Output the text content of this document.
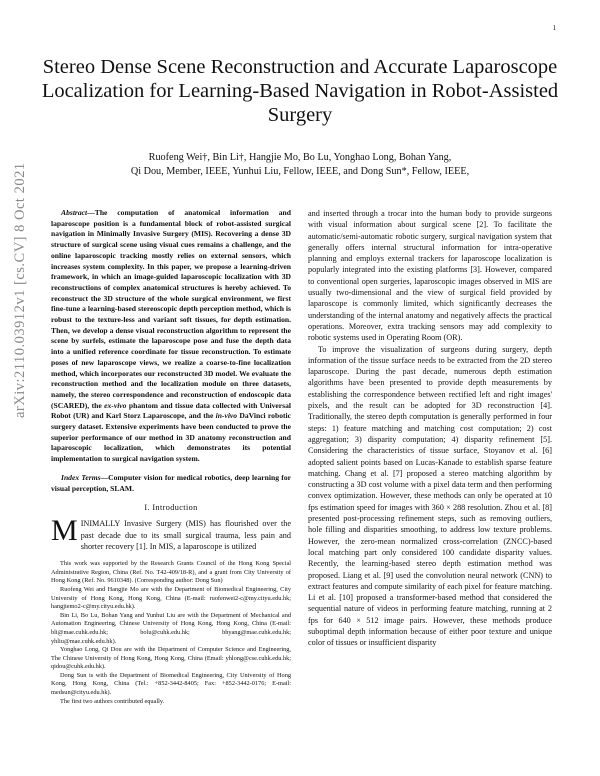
1
arXiv:2110.03912v1 [cs.CV] 8 Oct 2021
Stereo Dense Scene Reconstruction and Accurate Laparoscope Localization for Learning-Based Navigation in Robot-Assisted Surgery
Ruofeng Wei†, Bin Li†, Hangjie Mo, Bo Lu, Yonghao Long, Bohan Yang,
Qi Dou, Member, IEEE, Yunhui Liu, Fellow, IEEE, and Dong Sun*, Fellow, IEEE,

Abstract—The computation of anatomical information and laparoscope position is a fundamental block of robot-assisted surgical navigation in Minimally Invasive Surgery (MIS). Recovering a dense 3D structure of surgical scene using visual cues remains a challenge, and the online laparoscopic tracking mostly relies on external sensors, which increases system complexity. In this paper, we propose a learning-driven framework, in which an image-guided laparoscopic localization with 3D reconstructions of complex anatomical structures is hereby achieved. To reconstruct the 3D structure of the whole surgical environment, we first fine-tune a learning-based stereoscopic depth perception method, which is robust to the texture-less and variant soft tissues, for depth estimation. Then, we develop a dense visual reconstruction algorithm to represent the scene by surfels, estimate the laparoscope pose and fuse the depth data into a unified reference coordinate for tissue reconstruction. To estimate poses of new laparoscope views, we realize a coarse-to-fine localization method, which incorporates our reconstructed 3D model. We evaluate the reconstruction method and the localization module on three datasets, namely, the stereo correspondence and reconstruction of endoscopic data (SCARED), the ex-vivo phantom and tissue data collected with Universal Robot (UR) and Karl Storz Laparoscope, and the in-vivo DaVinci robotic surgery dataset. Extensive experiments have been conducted to prove the superior performance of our method in 3D anatomy reconstruction and laparoscopic localization, which demonstrates its potential implementation to surgical navigation system.

Index Terms—Computer vision for medical robotics, deep learning for visual perception, SLAM.

I. Introduction

MINIMALLY Invasive Surgery (MIS) has flourished over the past decade due to its small surgical trauma, less pain and shorter recovery [1]. In MIS, a laparoscope is utilized

This work was supported by the Research Grants Council of the Hong Kong Special Administrative Region, China (Ref. No. T42-409/18-R), and a grant from City University of Hong Kong (Ref. No. 9610348). (Corresponding author: Dong Sun)

Ruofeng Wei and Hangjie Mo are with the Department of Biomedical Engineering, City University of Hong Kong, Hong Kong, China (E-mail: ruofenwei2-c@my.cityu.edu.hk; hangjiemo2-c@my.cityu.edu.hk).

Bin Li, Bo Lu, Bohan Yang and Yunhui Liu are with the Department of Mechanical and Automation Engineering, Chinese University of Hong Kong, Hong Kong, China (E-mail: bli@mae.cuhk.edu.hk; bolu@cuhk.edu.hk; bhyang@mae.cuhk.edu.hk; yhliu@mae.cuhk.edu.hk).

Yonghao Long, Qi Dou are with the Department of Computer Science and Engineering, The Chinese University of Hong Kong, Hong Kong, China (Email: yhlong@cse.cuhk.edu.hk; qidou@cuhk.edu.hk).

Dong Sun is with the Department of Biomedical Engineering, City University of Hong Kong, Hong Kong, China (Tel.: +852-3442-8405; Fax: +852-3442-0176; E-mail: medsun@cityu.edu.hk).

The first two authors contributed equally.

and inserted through a trocar into the human body to provide surgeons with visual information about surgical scene [2]. To facilitate the automatic/semi-automatic robotic surgery, surgical navigation system that generally offers internal structural information for intra-operative planning and employs external trackers for laparoscope localization is popularly integrated into the existing platforms [3]. However, compared to conventional open surgeries, laparoscopic images observed in MIS are usually two-dimensional and the view of surgical field provided by laparoscope is commonly limited, which significantly decreases the understanding of the internal anatomy and negatively affects the practical operations. Moreover, extra tracking sensors may add complexity to robotic systems used in Operating Room (OR).

To improve the visualization of surgeons during surgery, depth information of the tissue surface needs to be extracted from the 2D stereo laparoscope. During the past decade, numerous depth estimation algorithms have been presented to provide depth measurements by establishing the correspondence between rectified left and right images' pixels, and the result can be adopted for 3D reconstruction [4]. Traditionally, the stereo depth computation is generally performed in four steps: 1) feature matching and matching cost computation; 2) cost aggregation; 3) disparity computation; 4) disparity refinement [5]. Considering the characteristics of tissue surface, Stoyanov et al. [6] adopted salient points based on Lucas-Kanade to establish sparse feature matching. Chang et al. [7] proposed a stereo matching algorithm by constructing a 3D cost volume with a pixel data term and then performing convex optimization. However, these methods can only be operated at 10 fps estimation speed for images with 360 × 288 resolution. Zhou et al. [8] presented post-processing refinement steps, such as removing outliers, hole filling and disparities smoothing, to address low texture problems. However, the zero-mean normalized cross-correlation (ZNCC)-based local matching part only considered 100 candidate disparity values. Recently, the learning-based stereo depth estimation method was proposed. Liang et al. [9] used the convolution neural network (CNN) to extract features and compute similarity of each pixel for feature matching. Li et al. [10] proposed a transformer-based method that considered the sequential nature of videos in performing feature matching, running at 2 fps for 640 × 512 image pairs. However, these methods produce suboptimal depth information because of either poor texture and unique color of tissues or insufficient disparity
